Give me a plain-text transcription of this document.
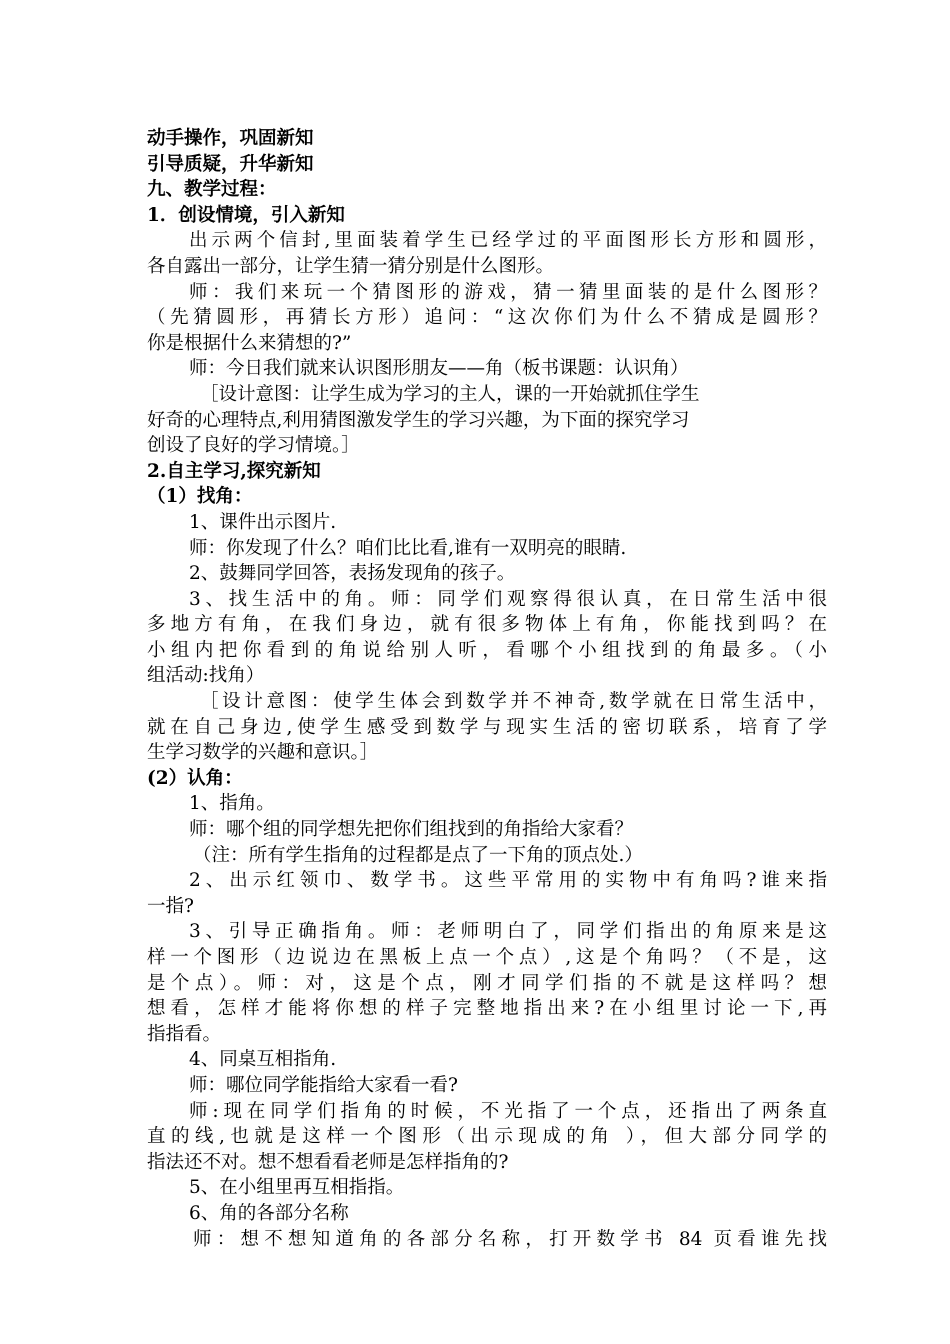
动手操作，巩固新知
引导质疑，升华新知
九、教学过程：
1．创设情境，引入新知
出示两个信封,里面装着学生已经学过的平面图形长方形和圆形，
各自露出一部分，让学生猜一猜分别是什么图形。
师：我们来玩一个猜图形的游戏，猜一猜里面装的是什么图形？
（先猜圆形，再猜长方形）追问：“这次你们为什么不猜成是圆形？
你是根据什么来猜想的?”
师：今日我们就来认识图形朋友——角（板书课题：认识角）
［设计意图：让学生成为学习的主人，课的一开始就抓住学生
好奇的心理特点,利用猜图激发学生的学习兴趣，为下面的探究学习
创设了良好的学习情境。］
2.自主学习,探究新知
（1）找角：
1、课件出示图片.
师：你发现了什么？咱们比比看,谁有一双明亮的眼睛.
2、鼓舞同学回答，表扬发现角的孩子。
3、找生活中的角。师：同学们观察得很认真，在日常生活中很
多地方有角，在我们身边，就有很多物体上有角，你能找到吗？在
小组内把你看到的角说给别人听，看哪个小组找到的角最多。（小
组活动:找角）
［设计意图：使学生体会到数学并不神奇,数学就在日常生活中，
就在自己身边,使学生感受到数学与现实生活的密切联系，培育了学
生学习数学的兴趣和意识。］
(2）认角：
1、指角。
师：哪个组的同学想先把你们组找到的角指给大家看？
（注：所有学生指角的过程都是点了一下角的顶点处.）
2、出示红领巾、数学书。这些平常用的实物中有角吗?谁来指
一指?
3、引导正确指角。师：老师明白了，同学们指出的角原来是这
样一个图形（边说边在黑板上点一个点）,这是个角吗？（不是，这
是个点）。师：对，这是个点，刚才同学们指的不就是这样吗？想
想看，怎样才能将你想的样子完整地指出来?在小组里讨论一下,再
指指看。
4、同桌互相指角.
师：哪位同学能指给大家看一看?
师:现在同学们指角的时候，不光指了一个点，还指出了两条直
直的线,也就是这样一个图形（出示现成的角 ），但大部分同学的
指法还不对。想不想看看老师是怎样指角的?
5、在小组里再互相指指。
6、角的各部分名称
师：想不想知道角的各部分名称，打开数学书 84 页看谁先找
